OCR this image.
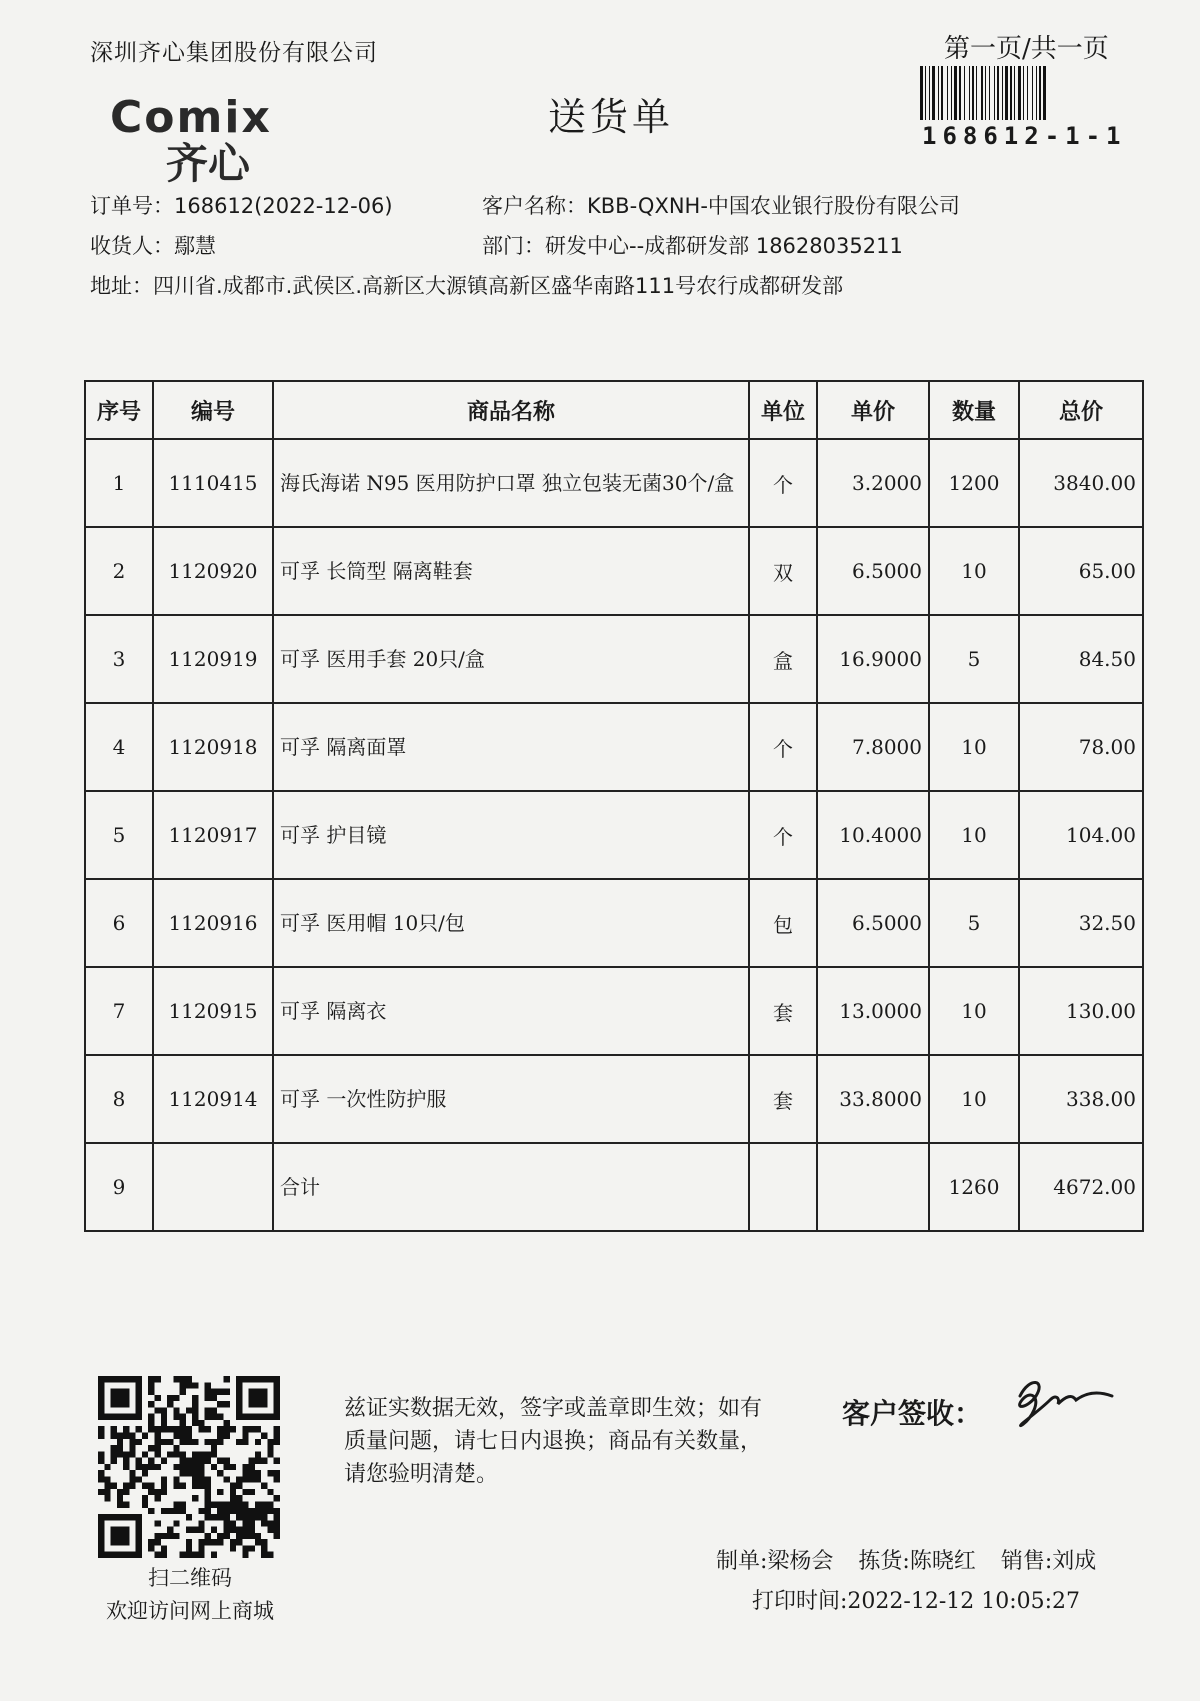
深圳齐心集团股份有限公司	第一页/共一页
168612-1-1
Comix
齐心
送货单
订单号：168612(2022-12-06)	客户名称：KBB-QXNH-中国农业银行股份有限公司
收货人：鄢慧	部门：研发中心--成都研发部 18628035211
地址：四川省.成都市.武侯区.高新区大源镇高新区盛华南路111号农行成都研发部
序号	编号	商品名称	单位	单价	数量	总价
1	1110415	海氏海诺 N95 医用防护口罩 独立包装无菌30个/盒	个	3.2000	1200	3840.00
2	1120920	可孚 长筒型 隔离鞋套	双	6.5000	10	65.00
3	1120919	可孚 医用手套 20只/盒	盒	16.9000	5	84.50
4	1120918	可孚 隔离面罩	个	7.8000	10	78.00
5	1120917	可孚 护目镜	个	10.4000	10	104.00
6	1120916	可孚 医用帽 10只/包	包	6.5000	5	32.50
7	1120915	可孚 隔离衣	套	13.0000	10	130.00
8	1120914	可孚 一次性防护服	套	33.8000	10	338.00
9		合计			1260	4672.00
扫二维码
欢迎访问网上商城
兹证实数据无效，签字或盖章即生效；如有质量问题，请七日内退换；商品有关数量，请您验明清楚。
客户签收：
制单:梁杨会 拣货:陈晓红 销售:刘成
打印时间:2022-12-12 10:05:27
